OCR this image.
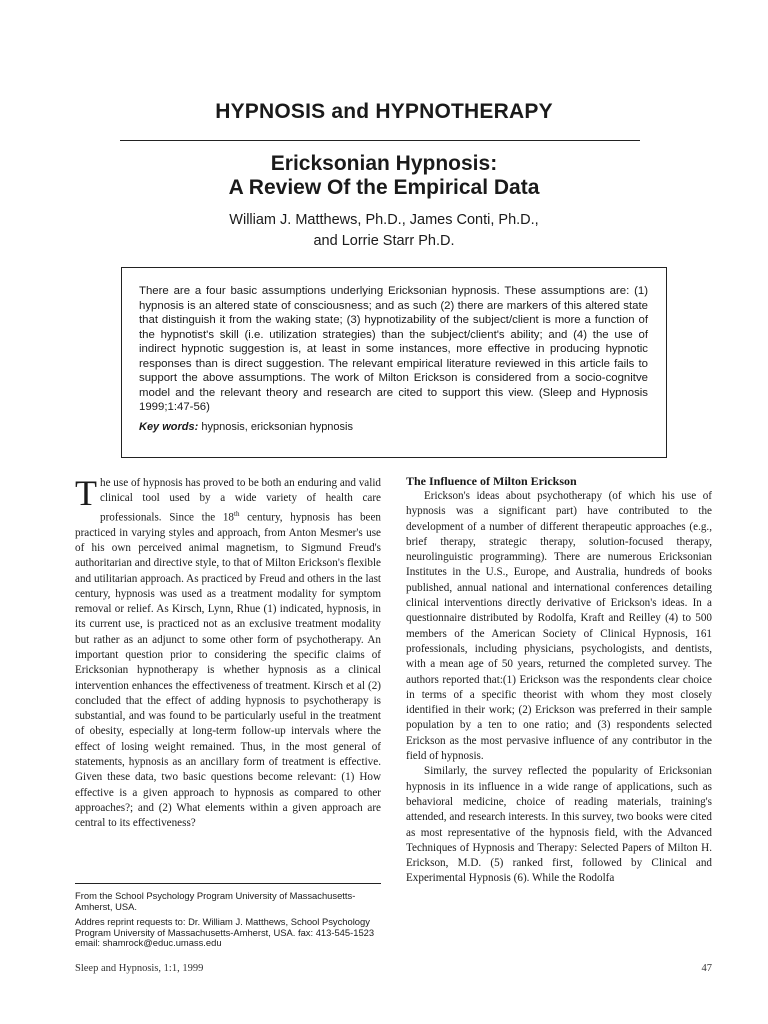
HYPNOSIS and HYPNOTHERAPY
Ericksonian Hypnosis:
A Review Of the Empirical Data
William J. Matthews, Ph.D., James Conti, Ph.D.,
and Lorrie Starr Ph.D.

There are a four basic assumptions underlying Ericksonian hypnosis. These assumptions are: (1) hypnosis is an altered state of consciousness; and as such (2) there are markers of this altered state that distinguish it from the waking state; (3) hypnotizability of the subject/client is more a function of the hypnotist's skill (i.e. utilization strategies) than the subject/client's ability; and (4) the use of indirect hypnotic suggestion is, at least in some instances, more effective in producing hypnotic responses than is direct suggestion. The relevant empirical literature reviewed in this article fails to support the above assumptions. The work of Milton Erickson is considered from a socio-cognitve model and the relevant theory and research are cited to support this view. (Sleep and Hypnosis 1999;1:47-56)

Key words: hypnosis, ericksonian hypnosis

The use of hypnosis has proved to be both an enduring and valid clinical tool used by a wide variety of health care professionals. Since the 18th century, hypnosis has been practiced in varying styles and approach, from Anton Mesmer's use of his own perceived animal magnetism, to Sigmund Freud's authoritarian and directive style, to that of Milton Erickson's flexible and utilitarian approach. As practiced by Freud and others in the last century, hypnosis was used as a treatment modality for symptom removal or relief. As Kirsch, Lynn, Rhue (1) indicated, hypnosis, in its current use, is practiced not as an exclusive treatment modality but rather as an adjunct to some other form of psychotherapy. An important question prior to considering the specific claims of Ericksonian hypnotherapy is whether hypnosis as a clinical intervention enhances the effectiveness of treatment. Kirsch et al (2) concluded that the effect of adding hypnosis to psychotherapy is substantial, and was found to be particularly useful in the treatment of obesity, especially at long-term follow-up intervals where the effect of losing weight remained. Thus, in the most general of statements, hypnosis as an ancillary form of treatment is effective. Given these data, two basic questions become relevant: (1) How effective is a given approach to hypnosis as compared to other approaches?; and (2) What elements within a given approach are central to its effectiveness?

From the School Psychology Program University of Massachusetts-Amherst, USA.

Addres reprint requests to: Dr. William J. Matthews, School Psychology Program University of Massachusetts-Amherst, USA. fax: 413-545-1523 email: shamrock@educ.umass.edu

The Influence of Milton Erickson

Erickson's ideas about psychotherapy (of which his use of hypnosis was a significant part) have contributed to the development of a number of different therapeutic approaches (e.g., brief therapy, strategic therapy, solution-focused therapy, neurolinguistic programming). There are numerous Ericksonian Institutes in the U.S., Europe, and Australia, hundreds of books published, annual national and international conferences detailing clinical interventions directly derivative of Erickson's ideas. In a questionnaire distributed by Rodolfa, Kraft and Reilley (4) to 500 members of the American Society of Clinical Hypnosis, 161 professionals, including physicians, psychologists, and dentists, with a mean age of 50 years, returned the completed survey. The authors reported that:(1) Erickson was the respondents clear choice in terms of a specific theorist with whom they most closely identified in their work; (2) Erickson was preferred in their sample population by a ten to one ratio; and (3) respondents selected Erickson as the most pervasive influence of any contributor in the field of hypnosis.

Similarly, the survey reflected the popularity of Ericksonian hypnosis in its influence in a wide range of applications, such as behavioral medicine, choice of reading materials, training's attended, and research interests. In this survey, two books were cited as most representative of the hypnosis field, with the Advanced Techniques of Hypnosis and Therapy: Selected Papers of Milton H. Erickson, M.D. (5) ranked first, followed by Clinical and Experimental Hypnosis (6). While the Rodolfa

Sleep and Hypnosis, 1:1, 1999	47
